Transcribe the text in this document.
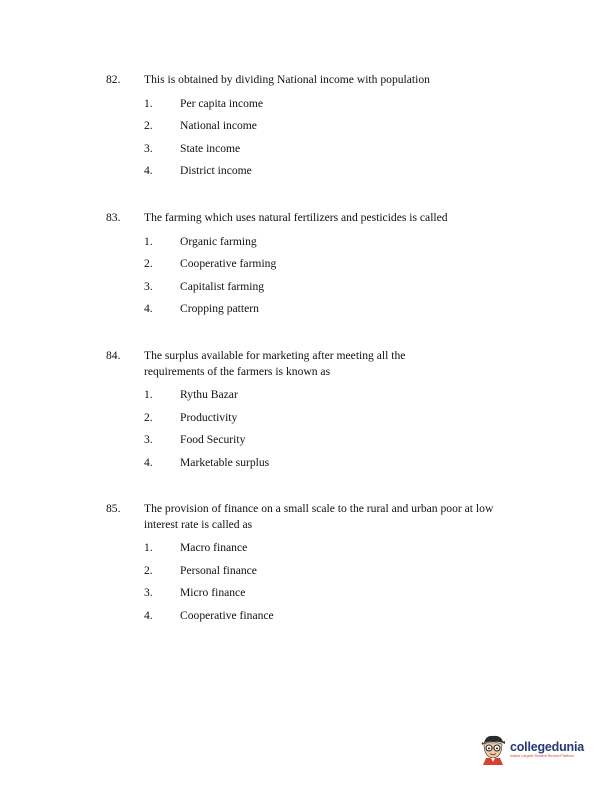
82.	This is obtained by dividing National income with population
1.	Per capita income
2.	National income
3.	State income
4.	District income
83.	The farming which uses natural fertilizers and pesticides is called
1.	Organic farming
2.	Cooperative farming
3.	Capitalist farming
4.	Cropping pattern
84.	The surplus available for marketing after meeting all the requirements of the farmers is known as
1.	Rythu Bazar
2.	Productivity
3.	Food Security
4.	Marketable surplus
85.	The provision of finance on a small scale to the rural and urban poor at low interest rate is called as
1.	Macro finance
2.	Personal finance
3.	Micro finance
4.	Cooperative finance
collegedunia
India's Largest Student Review Platform
